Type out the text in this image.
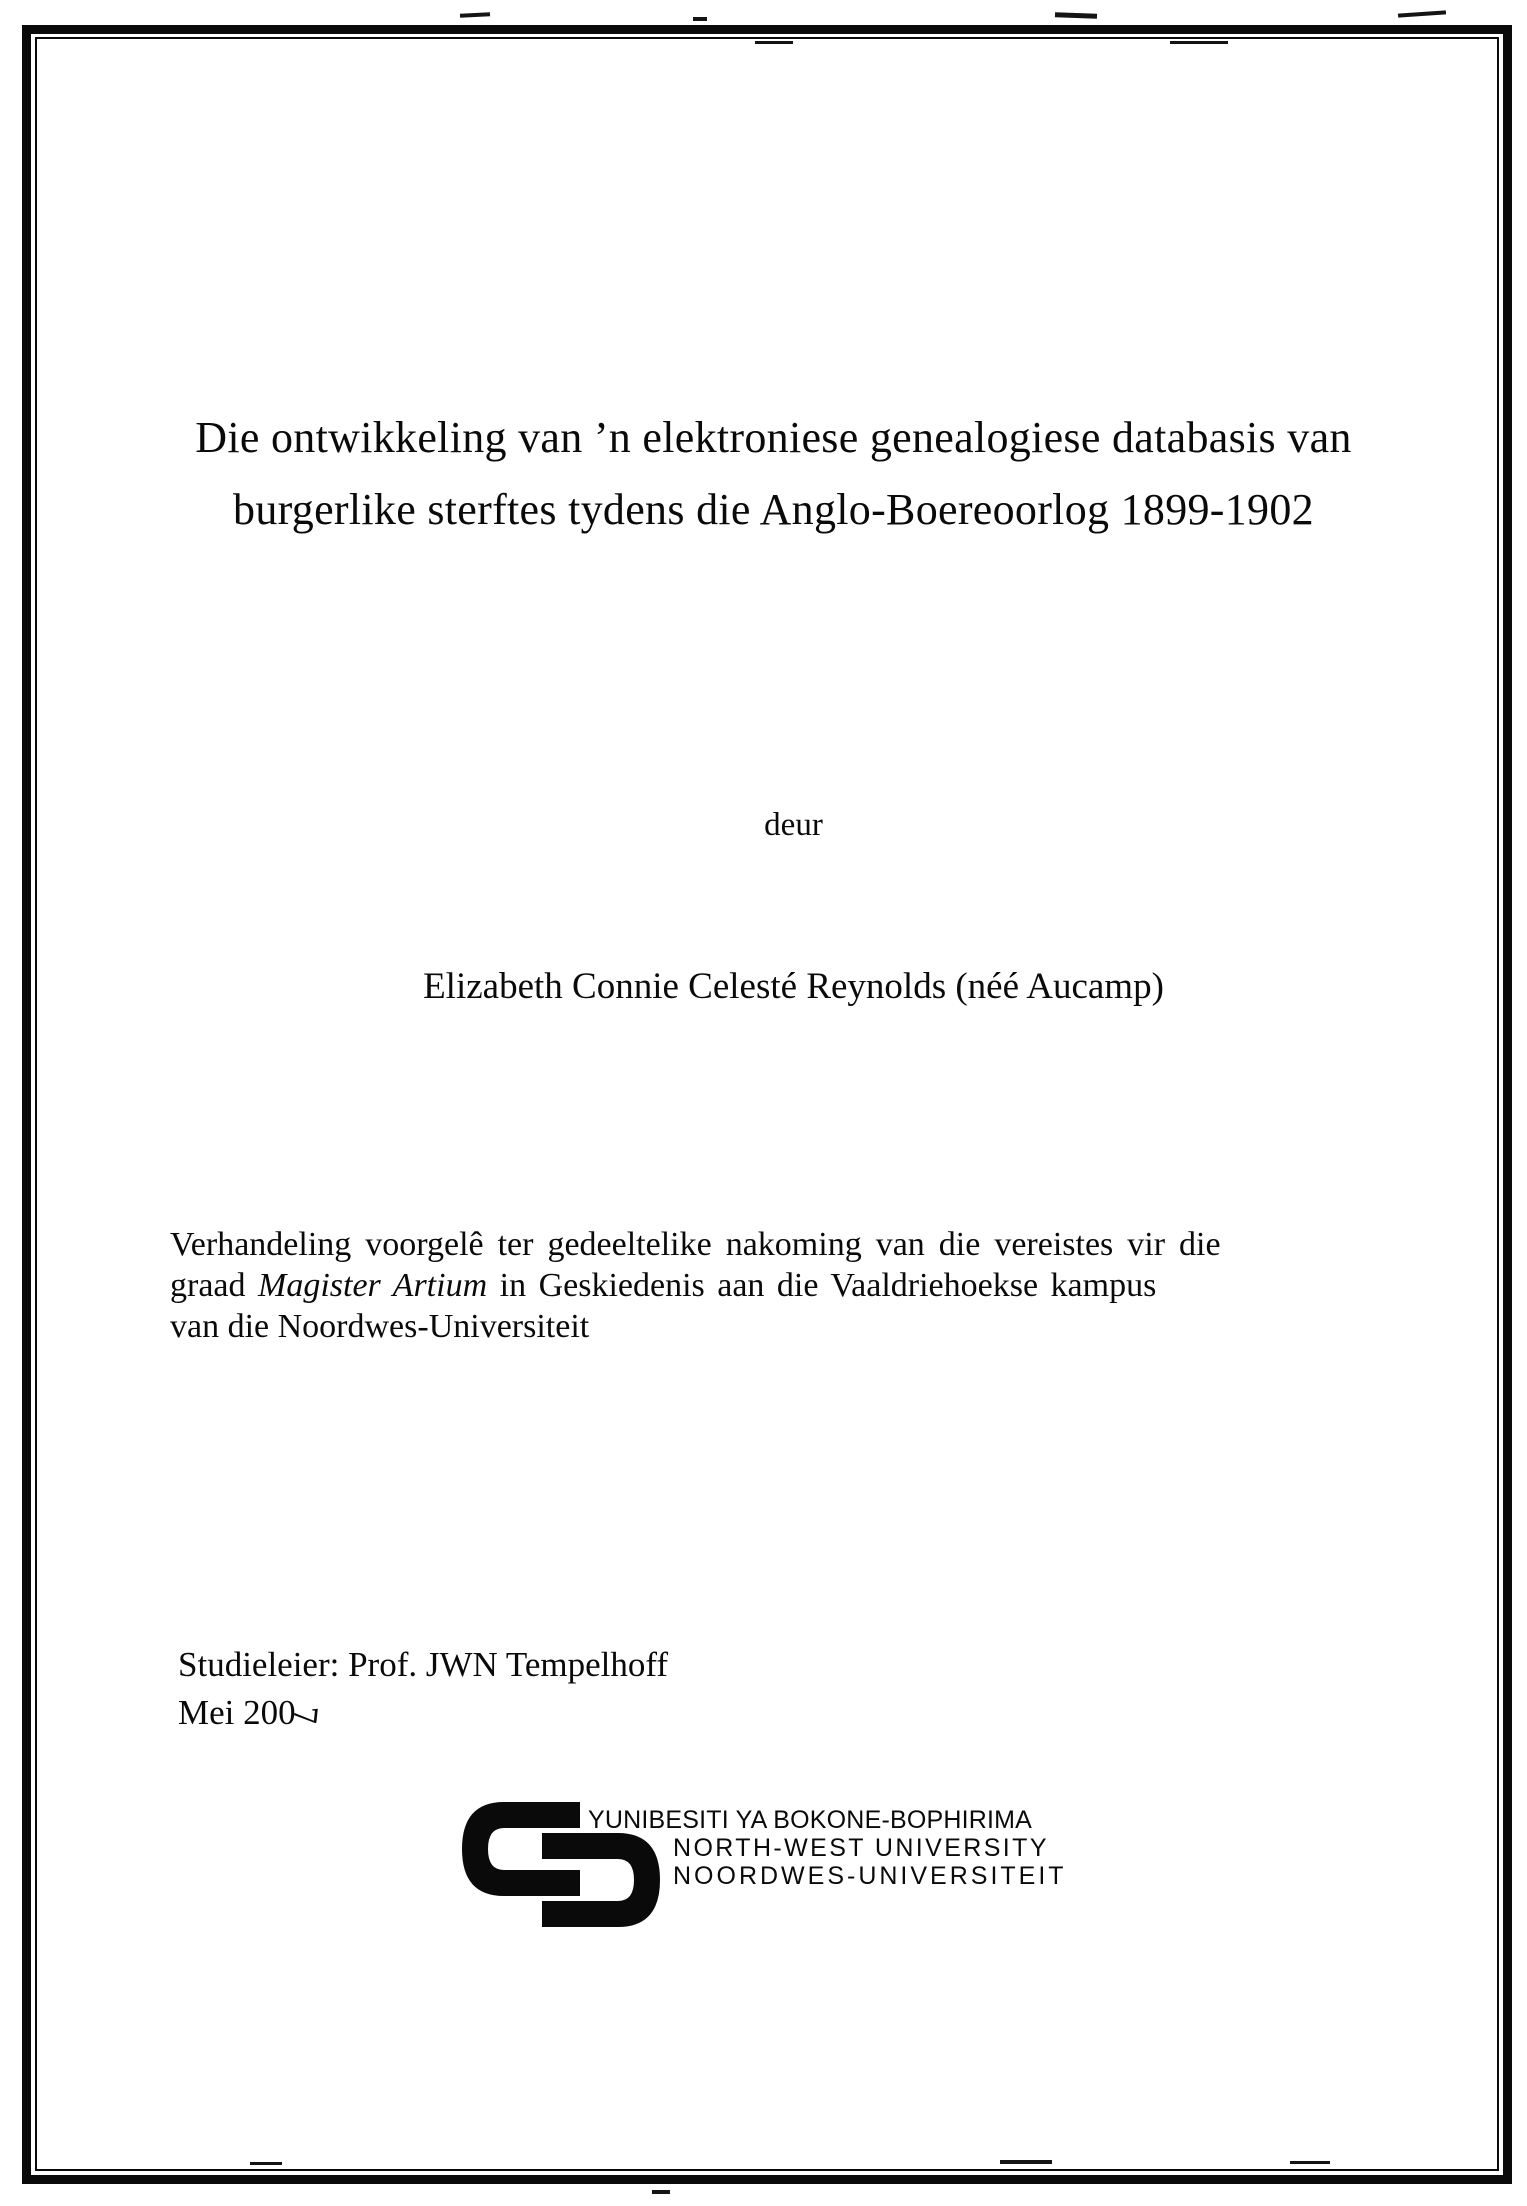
Die ontwikkeling van ’n elektroniese genealogiese databasis van
burgerlike sterftes tydens die Anglo-Boereoorlog 1899-1902
deur
Elizabeth Connie Celesté Reynolds (néé Aucamp)

Verhandeling voorgelê ter gedeeltelike nakoming van die vereistes vir die
graad Magister Artium in Geskiedenis aan die Vaaldriehoekse kampus
van die Noordwes-Universiteit

Studieleier: Prof. JWN Tempelhoff
Mei 2007
YUNIBESITI YA BOKONE-BOPHIRIMA
NORTH-WEST UNIVERSITY
NOORDWES-UNIVERSITEIT
